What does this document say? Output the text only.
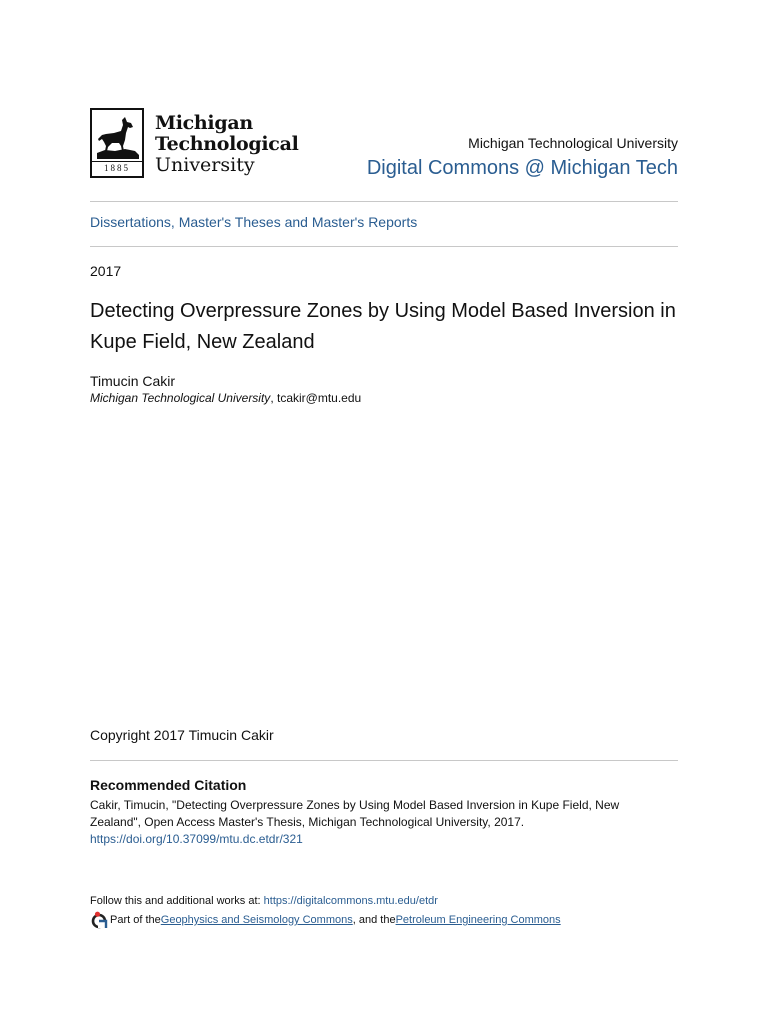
1885
Michigan
Technological
University
Michigan Technological University
Digital Commons @ Michigan Tech
Dissertations, Master's Theses and Master's Reports
2017
Detecting Overpressure Zones by Using Model Based Inversion in Kupe Field, New Zealand
Timucin Cakir
Michigan Technological University, tcakir@mtu.edu
Copyright 2017 Timucin Cakir
Recommended Citation
Cakir, Timucin, "Detecting Overpressure Zones by Using Model Based Inversion in Kupe Field, New Zealand", Open Access Master's Thesis, Michigan Technological University, 2017.
https://doi.org/10.37099/mtu.dc.etdr/321
Follow this and additional works at: https://digitalcommons.mtu.edu/etdr
Part of the Geophysics and Seismology Commons , and the Petroleum Engineering Commons
